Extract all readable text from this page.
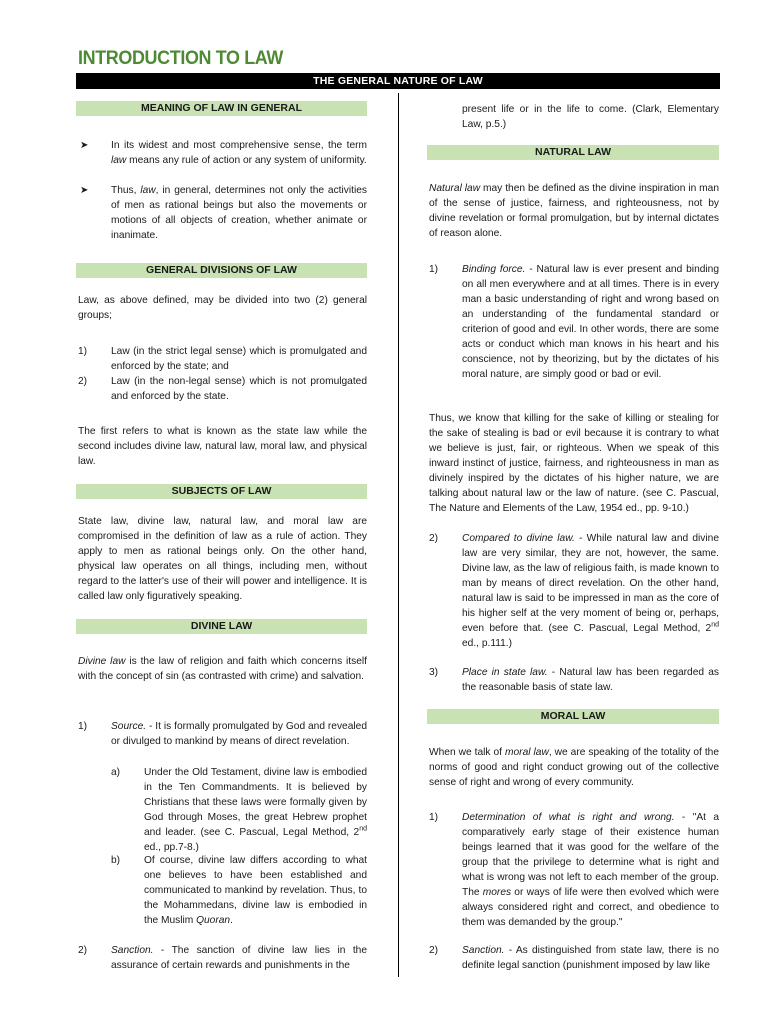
INTRODUCTION TO LAW
THE GENERAL NATURE OF LAW
MEANING OF LAW IN GENERAL
➤ In its widest and most comprehensive sense, the term law means any rule of action or any system of uniformity.
➤ Thus, law, in general, determines not only the activities of men as rational beings but also the movements or motions of all objects of creation, whether animate or inanimate.
GENERAL DIVISIONS OF LAW

Law, as above defined, may be divided into two (2) general groups;

1) Law (in the strict legal sense) which is promulgated and enforced by the state; and
2) Law (in the non-legal sense) which is not promulgated and enforced by the state.

The first refers to what is known as the state law while the second includes divine law, natural law, moral law, and physical law.

SUBJECTS OF LAW

State law, divine law, natural law, and moral law are compromised in the definition of law as a rule of action. They apply to men as rational beings only. On the other hand, physical law operates on all things, including men, without regard to the latter's use of their will power and intelligence. It is called law only figuratively speaking.

DIVINE LAW

Divine law is the law of religion and faith which concerns itself with the concept of sin (as contrasted with crime) and salvation.

1) Source. - It is formally promulgated by God and revealed or divulged to mankind by means of direct revelation.
a) Under the Old Testament, divine law is embodied in the Ten Commandments. It is believed by Christians that these laws were formally given by God through Moses, the great Hebrew prophet and leader. (see C. Pascual, Legal Method, 2nd ed., pp.7-8.)
b) Of course, divine law differs according to what one believes to have been established and communicated to mankind by revelation. Thus, to the Mohammedans, divine law is embodied in the Muslim Quoran.
2) Sanction. - The sanction of divine law lies in the assurance of certain rewards and punishments in the
present life or in the life to come. (Clark, Elementary Law, p.5.)
NATURAL LAW

Natural law may then be defined as the divine inspiration in man of the sense of justice, fairness, and righteousness, not by divine revelation or formal promulgation, but by internal dictates of reason alone.

1) Binding force. - Natural law is ever present and binding on all men everywhere and at all times. There is in every man a basic understanding of right and wrong based on an understanding of the fundamental standard or criterion of good and evil. In other words, there are some acts or conduct which man knows in his heart and his conscience, not by theorizing, but by the dictates of his moral nature, are simply good or bad or evil.

Thus, we know that killing for the sake of killing or stealing for the sake of stealing is bad or evil because it is contrary to what we believe is just, fair, or righteous. When we speak of this inward instinct of justice, fairness, and righteousness in man as divinely inspired by the dictates of his higher nature, we are talking about natural law or the law of nature. (see C. Pascual, The Nature and Elements of the Law, 1954 ed., pp. 9-10.)

2) Compared to divine law. - While natural law and divine law are very similar, they are not, however, the same. Divine law, as the law of religious faith, is made known to man by means of direct revelation. On the other hand, natural law is said to be impressed in man as the core of his higher self at the very moment of being or, perhaps, even before that. (see C. Pascual, Legal Method, 2nd ed., p.111.)
3) Place in state law. - Natural law has been regarded as the reasonable basis of state law.
MORAL LAW

When we talk of moral law, we are speaking of the totality of the norms of good and right conduct growing out of the collective sense of right and wrong of every community.

1) Determination of what is right and wrong. - "At a comparatively early stage of their existence human beings learned that it was good for the welfare of the group that the privilege to determine what is right and what is wrong was not left to each member of the group. The mores or ways of life were then evolved which were always considered right and correct, and obedience to them was demanded by the group."
2) Sanction. - As distinguished from state law, there is no definite legal sanction (punishment imposed by law like
